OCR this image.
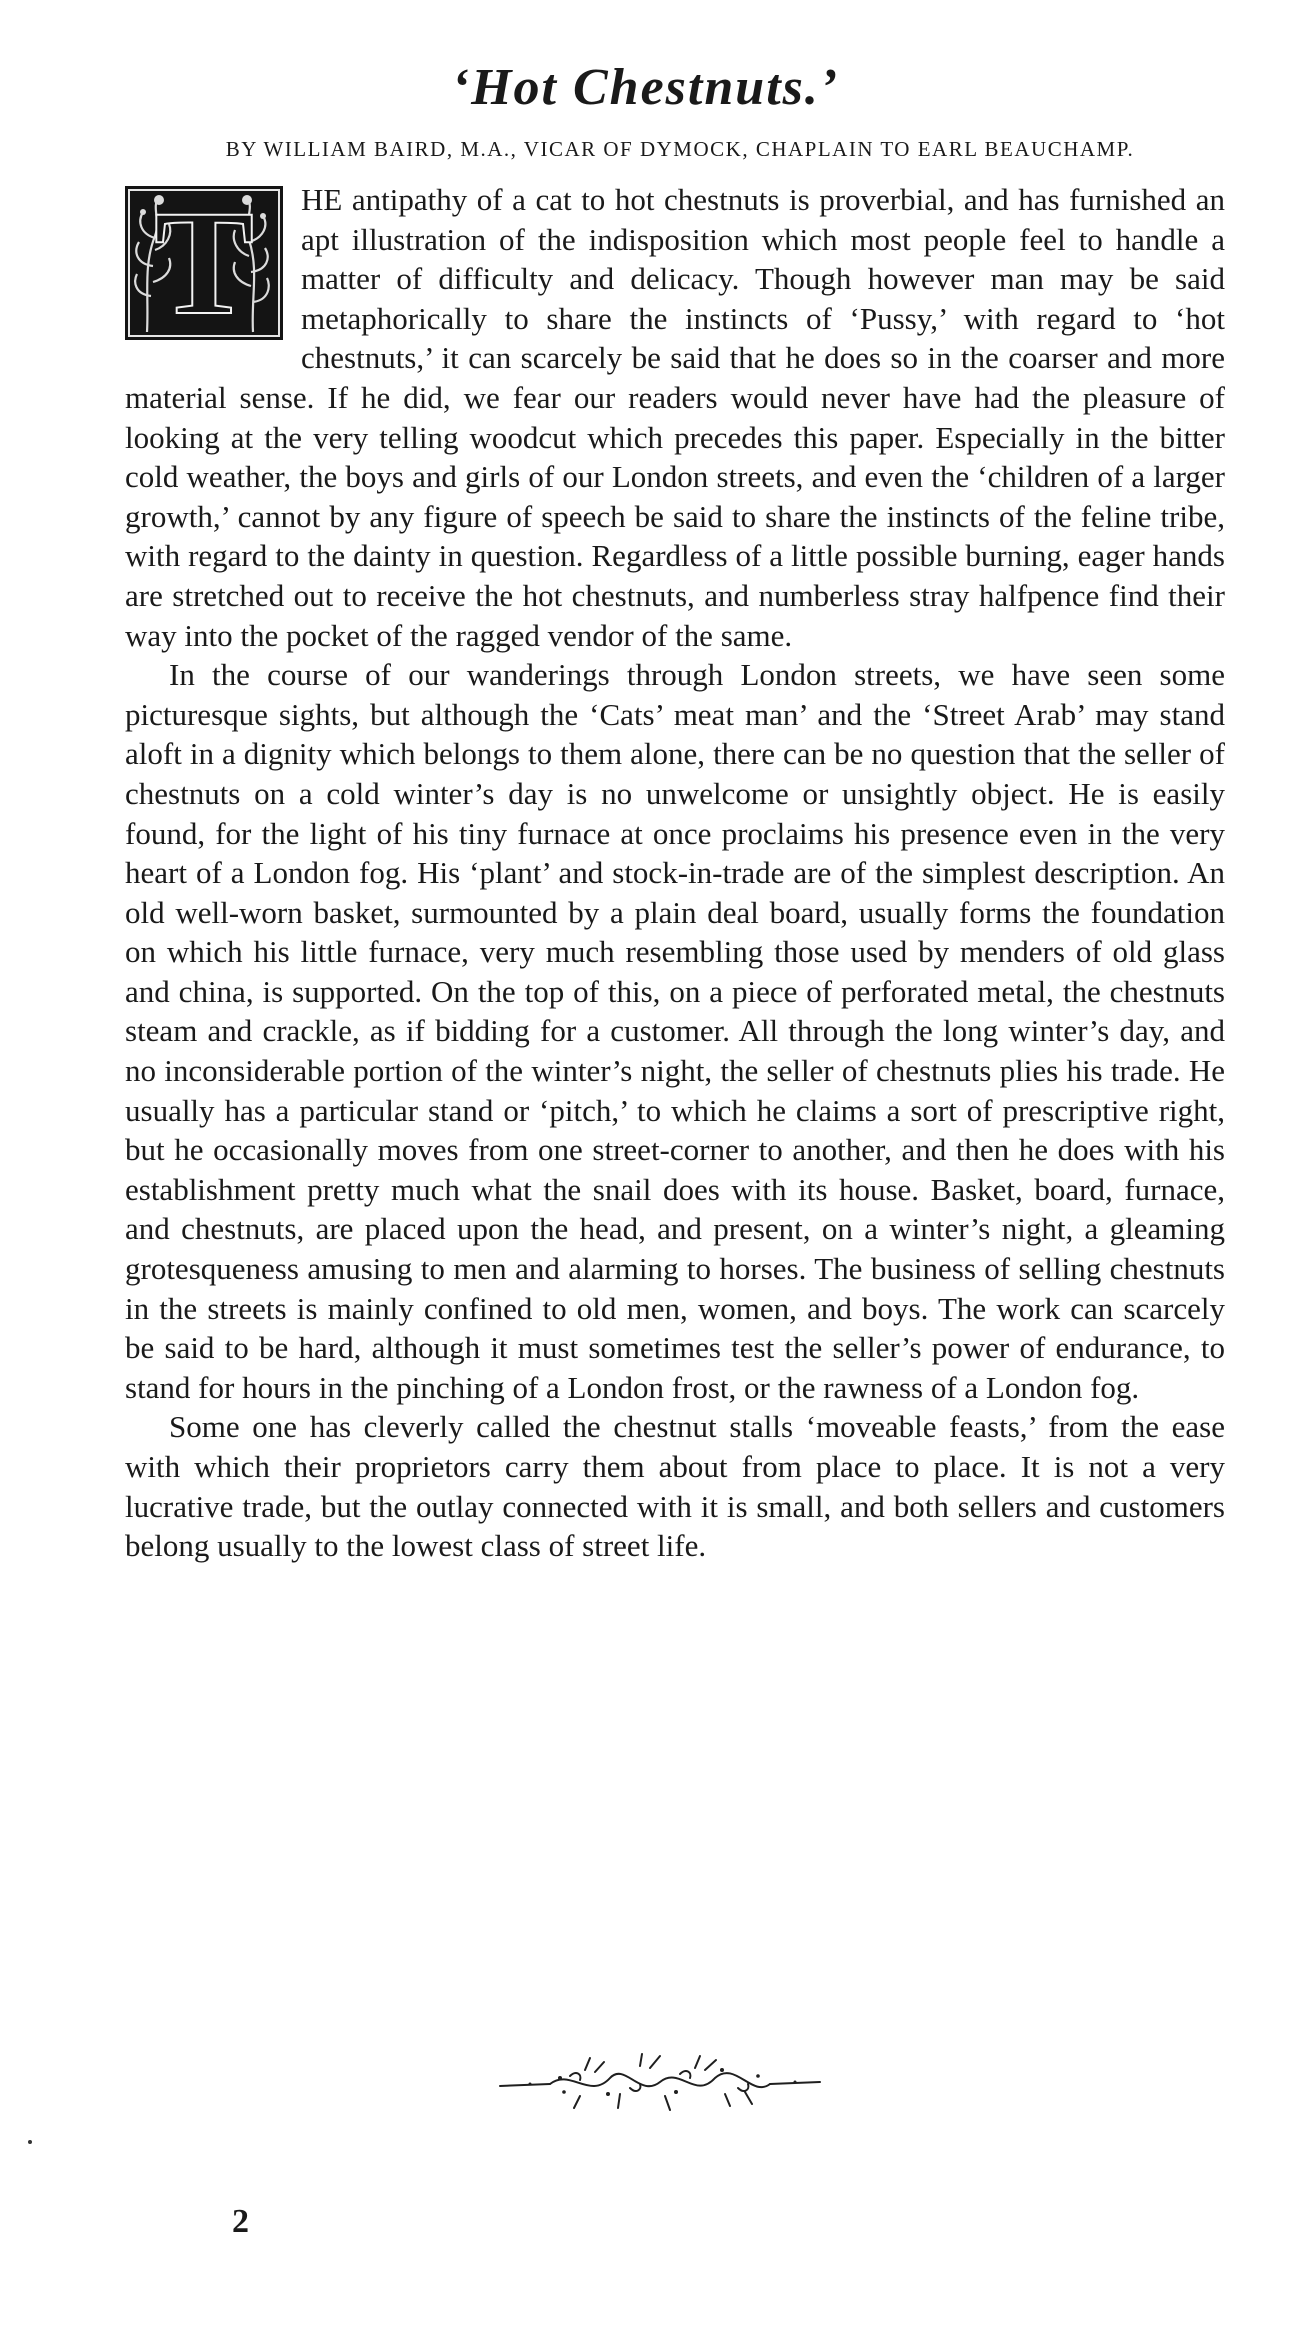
‘Hot Chestnuts.’
BY WILLIAM BAIRD, M.A., VICAR OF DYMOCK, CHAPLAIN TO EARL BEAUCHAMP.

T	HE antipathy of a cat to hot chestnuts is proverbial, and has furnished an apt illustration of the indisposition which most people feel to handle a matter of difficulty and delicacy. Though however man may be said metaphorically to share the instincts of ‘Pussy,’ with regard to ‘hot chestnuts,’ it can scarcely be said that he does so in the coarser and more material sense. If he did, we fear our readers would never have had the pleasure of looking at the very telling woodcut which precedes this paper. Especially in the bitter cold weather, the boys and girls of our London streets, and even the ‘children of a larger growth,’ cannot by any figure of speech be said to share the instincts of the feline tribe, with regard to the dainty in question. Regardless of a little possible burning, eager hands are stretched out to receive the hot chestnuts, and numberless stray halfpence find their way into the pocket of the ragged vendor of the same.

In the course of our wanderings through London streets, we have seen some picturesque sights, but although the ‘Cats’ meat man’ and the ‘Street Arab’ may stand aloft in a dignity which belongs to them alone, there can be no question that the seller of chestnuts on a cold winter’s day is no unwelcome or unsightly object. He is easily found, for the light of his tiny furnace at once proclaims his presence even in the very heart of a London fog. His ‘plant’ and stock-in-trade are of the simplest description. An old well-worn basket, surmounted by a plain deal board, usually forms the foundation on which his little furnace, very much resembling those used by menders of old glass and china, is supported. On the top of this, on a piece of perforated metal, the chestnuts steam and crackle, as if bidding for a customer. All through the long winter’s day, and no inconsiderable portion of the winter’s night, the seller of chestnuts plies his trade. He usually has a particular stand or ‘pitch,’ to which he claims a sort of prescriptive right, but he occasionally moves from one street-corner to another, and then he does with his establishment pretty much what the snail does with its house. Basket, board, furnace, and chestnuts, are placed upon the head, and present, on a winter’s night, a gleaming grotesqueness amusing to men and alarming to horses. The business of selling chestnuts in the streets is mainly confined to old men, women, and boys. The work can scarcely be said to be hard, although it must sometimes test the seller’s power of endurance, to stand for hours in the pinching of a London frost, or the rawness of a London fog.

Some one has cleverly called the chestnut stalls ‘moveable feasts,’ from the ease with which their proprietors carry them about from place to place. It is not a very lucrative trade, but the outlay connected with it is small, and both sellers and customers belong usually to the lowest class of street life.

2
